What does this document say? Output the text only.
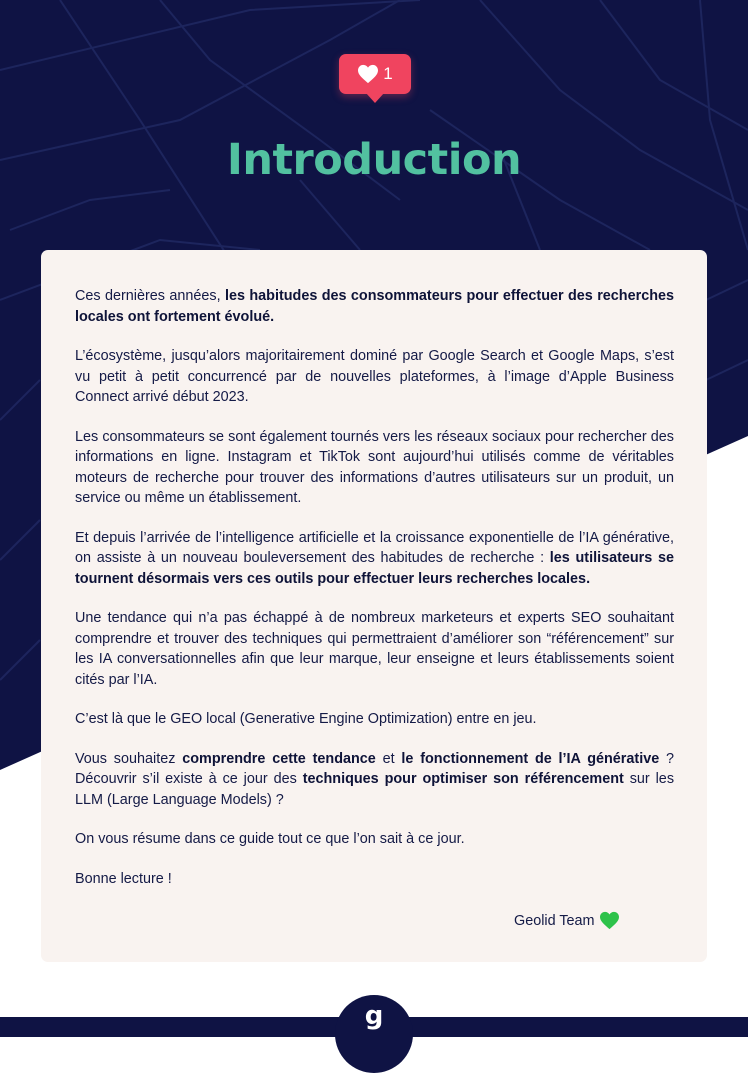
1
Introduction

Ces dernières années, les habitudes des consommateurs pour effectuer des recherches locales ont fortement évolué.

L’écosystème, jusqu’alors majoritairement dominé par Google Search et Google Maps, s’est vu petit à petit concurrencé par de nouvelles plateformes, à l’image d’Apple Business Connect arrivé début 2023.

Les consommateurs se sont également tournés vers les réseaux sociaux pour rechercher des informations en ligne. Instagram et TikTok sont aujourd’hui utilisés comme de véritables moteurs de recherche pour trouver des informations d’autres utilisateurs sur un produit, un service ou même un établissement.

Et depuis l’arrivée de l’intelligence artificielle et la croissance exponentielle de l’IA générative, on assiste à un nouveau bouleversement des habitudes de recherche : les utilisateurs se tournent désormais vers ces outils pour effectuer leurs recherches locales.

Une tendance qui n’a pas échappé à de nombreux marketeurs et experts SEO souhaitant comprendre et trouver des techniques qui permettraient d’améliorer son “référencement” sur les IA conversationnelles afin que leur marque, leur enseigne et leurs établissements soient cités par l’IA.

C’est là que le GEO local (Generative Engine Optimization) entre en jeu.

Vous souhaitez comprendre cette tendance et le fonctionnement de l’IA générative ? Découvrir s’il existe à ce jour des techniques pour optimiser son référencement sur les LLM (Large Language Models) ?

On vous résume dans ce guide tout ce que l’on sait à ce jour.

Bonne lecture !

Geolid Team
g
